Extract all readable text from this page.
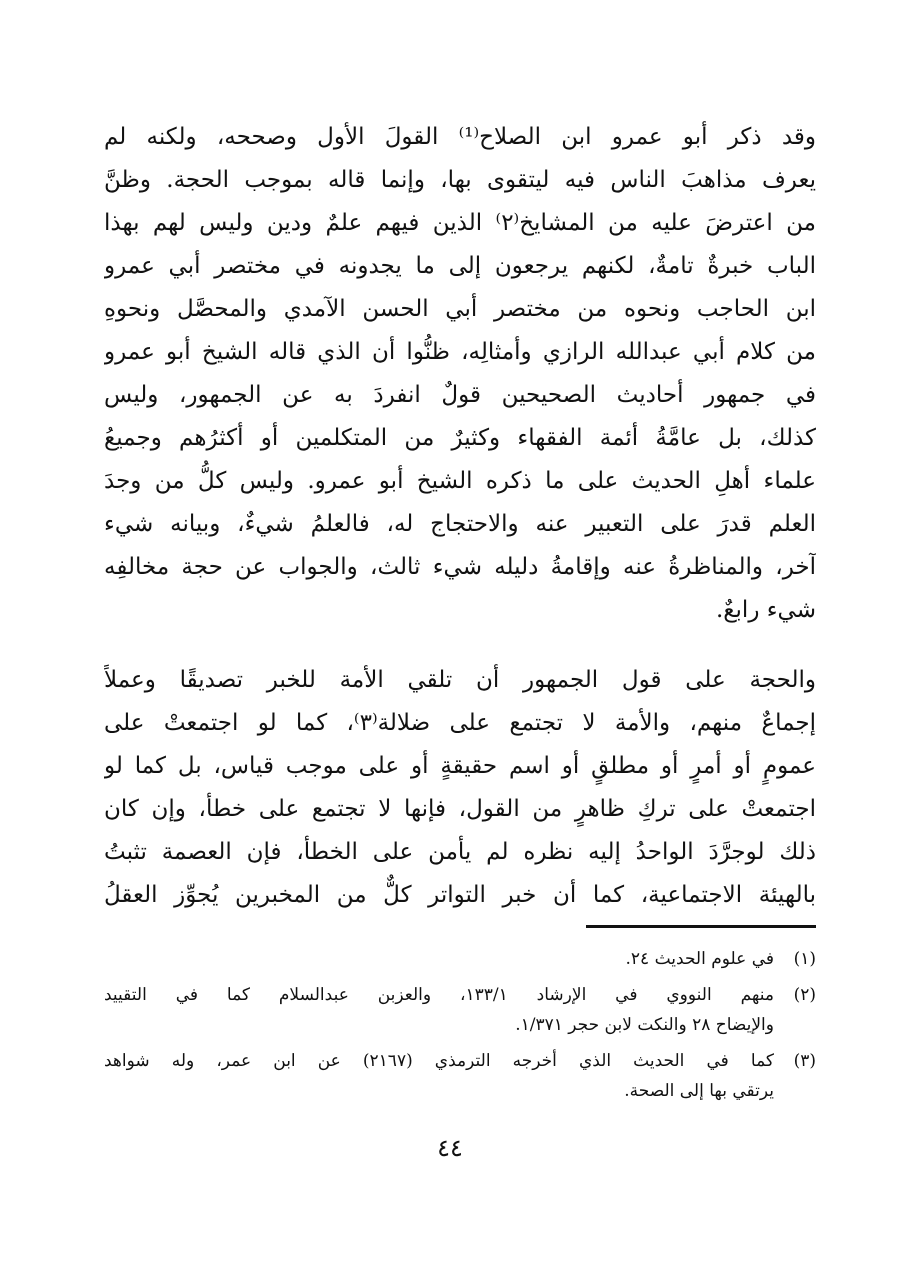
وقد ذكر أبو عمرو ابن الصلاح⁽¹⁾ القولَ الأول وصححه، ولكنه لم
يعرف مذاهبَ الناس فيه ليتقوى بها، وإنما قاله بموجب الحجة. وظنَّ
من اعترضَ عليه من المشايخ⁽٢⁾ الذين فيهم علمٌ ودين وليس لهم بهذا
الباب خبرةٌ تامةٌ، لكنهم يرجعون إلى ما يجدونه في مختصر أبي عمرو
ابن الحاجب ونحوه من مختصر أبي الحسن الآمدي والمحصَّل ونحوهِ
من كلام أبي عبدالله الرازي وأمثالِه، ظنُّوا أن الذي قاله الشيخ أبو عمرو
في جمهور أحاديث الصحيحين قولٌ انفردَ به عن الجمهور، وليس
كذلك، بل عامَّةُ أئمة الفقهاء وكثيرٌ من المتكلمين أو أكثرُهم وجميعُ
علماء أهلِ الحديث على ما ذكره الشيخ أبو عمرو. وليس كلُّ من وجدَ
العلم قدرَ على التعبير عنه والاحتجاج له، فالعلمُ شيءٌ، وبيانه شيء
آخر، والمناظرةُ عنه وإقامةُ دليله شيء ثالث، والجواب عن حجة مخالفِه
شيء رابعٌ.
والحجة على قول الجمهور أن تلقي الأمة للخبر تصديقًا وعملاً
إجماعٌ منهم، والأمة لا تجتمع على ضلالة⁽٣⁾، كما لو اجتمعتْ على
عمومٍ أو أمرٍ أو مطلقٍ أو اسم حقيقةٍ أو على موجب قياس، بل كما لو
اجتمعتْ على تركِ ظاهرٍ من القول، فإنها لا تجتمع على خطأ، وإن كان
ذلك لوجرَّدَ الواحدُ إليه نظره لم يأمن على الخطأ، فإن العصمة تثبتُ
بالهيئة الاجتماعية، كما أن خبر التواتر كلٌّ من المخبرين يُجوِّز العقلُ
(١)
في علوم الحديث ٢٤.
(٢)
منهم النووي في الإرشاد ١٣٣/١، والعزبن عبدالسلام كما في التقييد
والإيضاح ٢٨ والنكت لابن حجر ١/٣٧١.
(٣)
كما في الحديث الذي أخرجه الترمذي (٢١٦٧) عن ابن عمر، وله شواهد
يرتقي بها إلى الصحة.
٤٤
